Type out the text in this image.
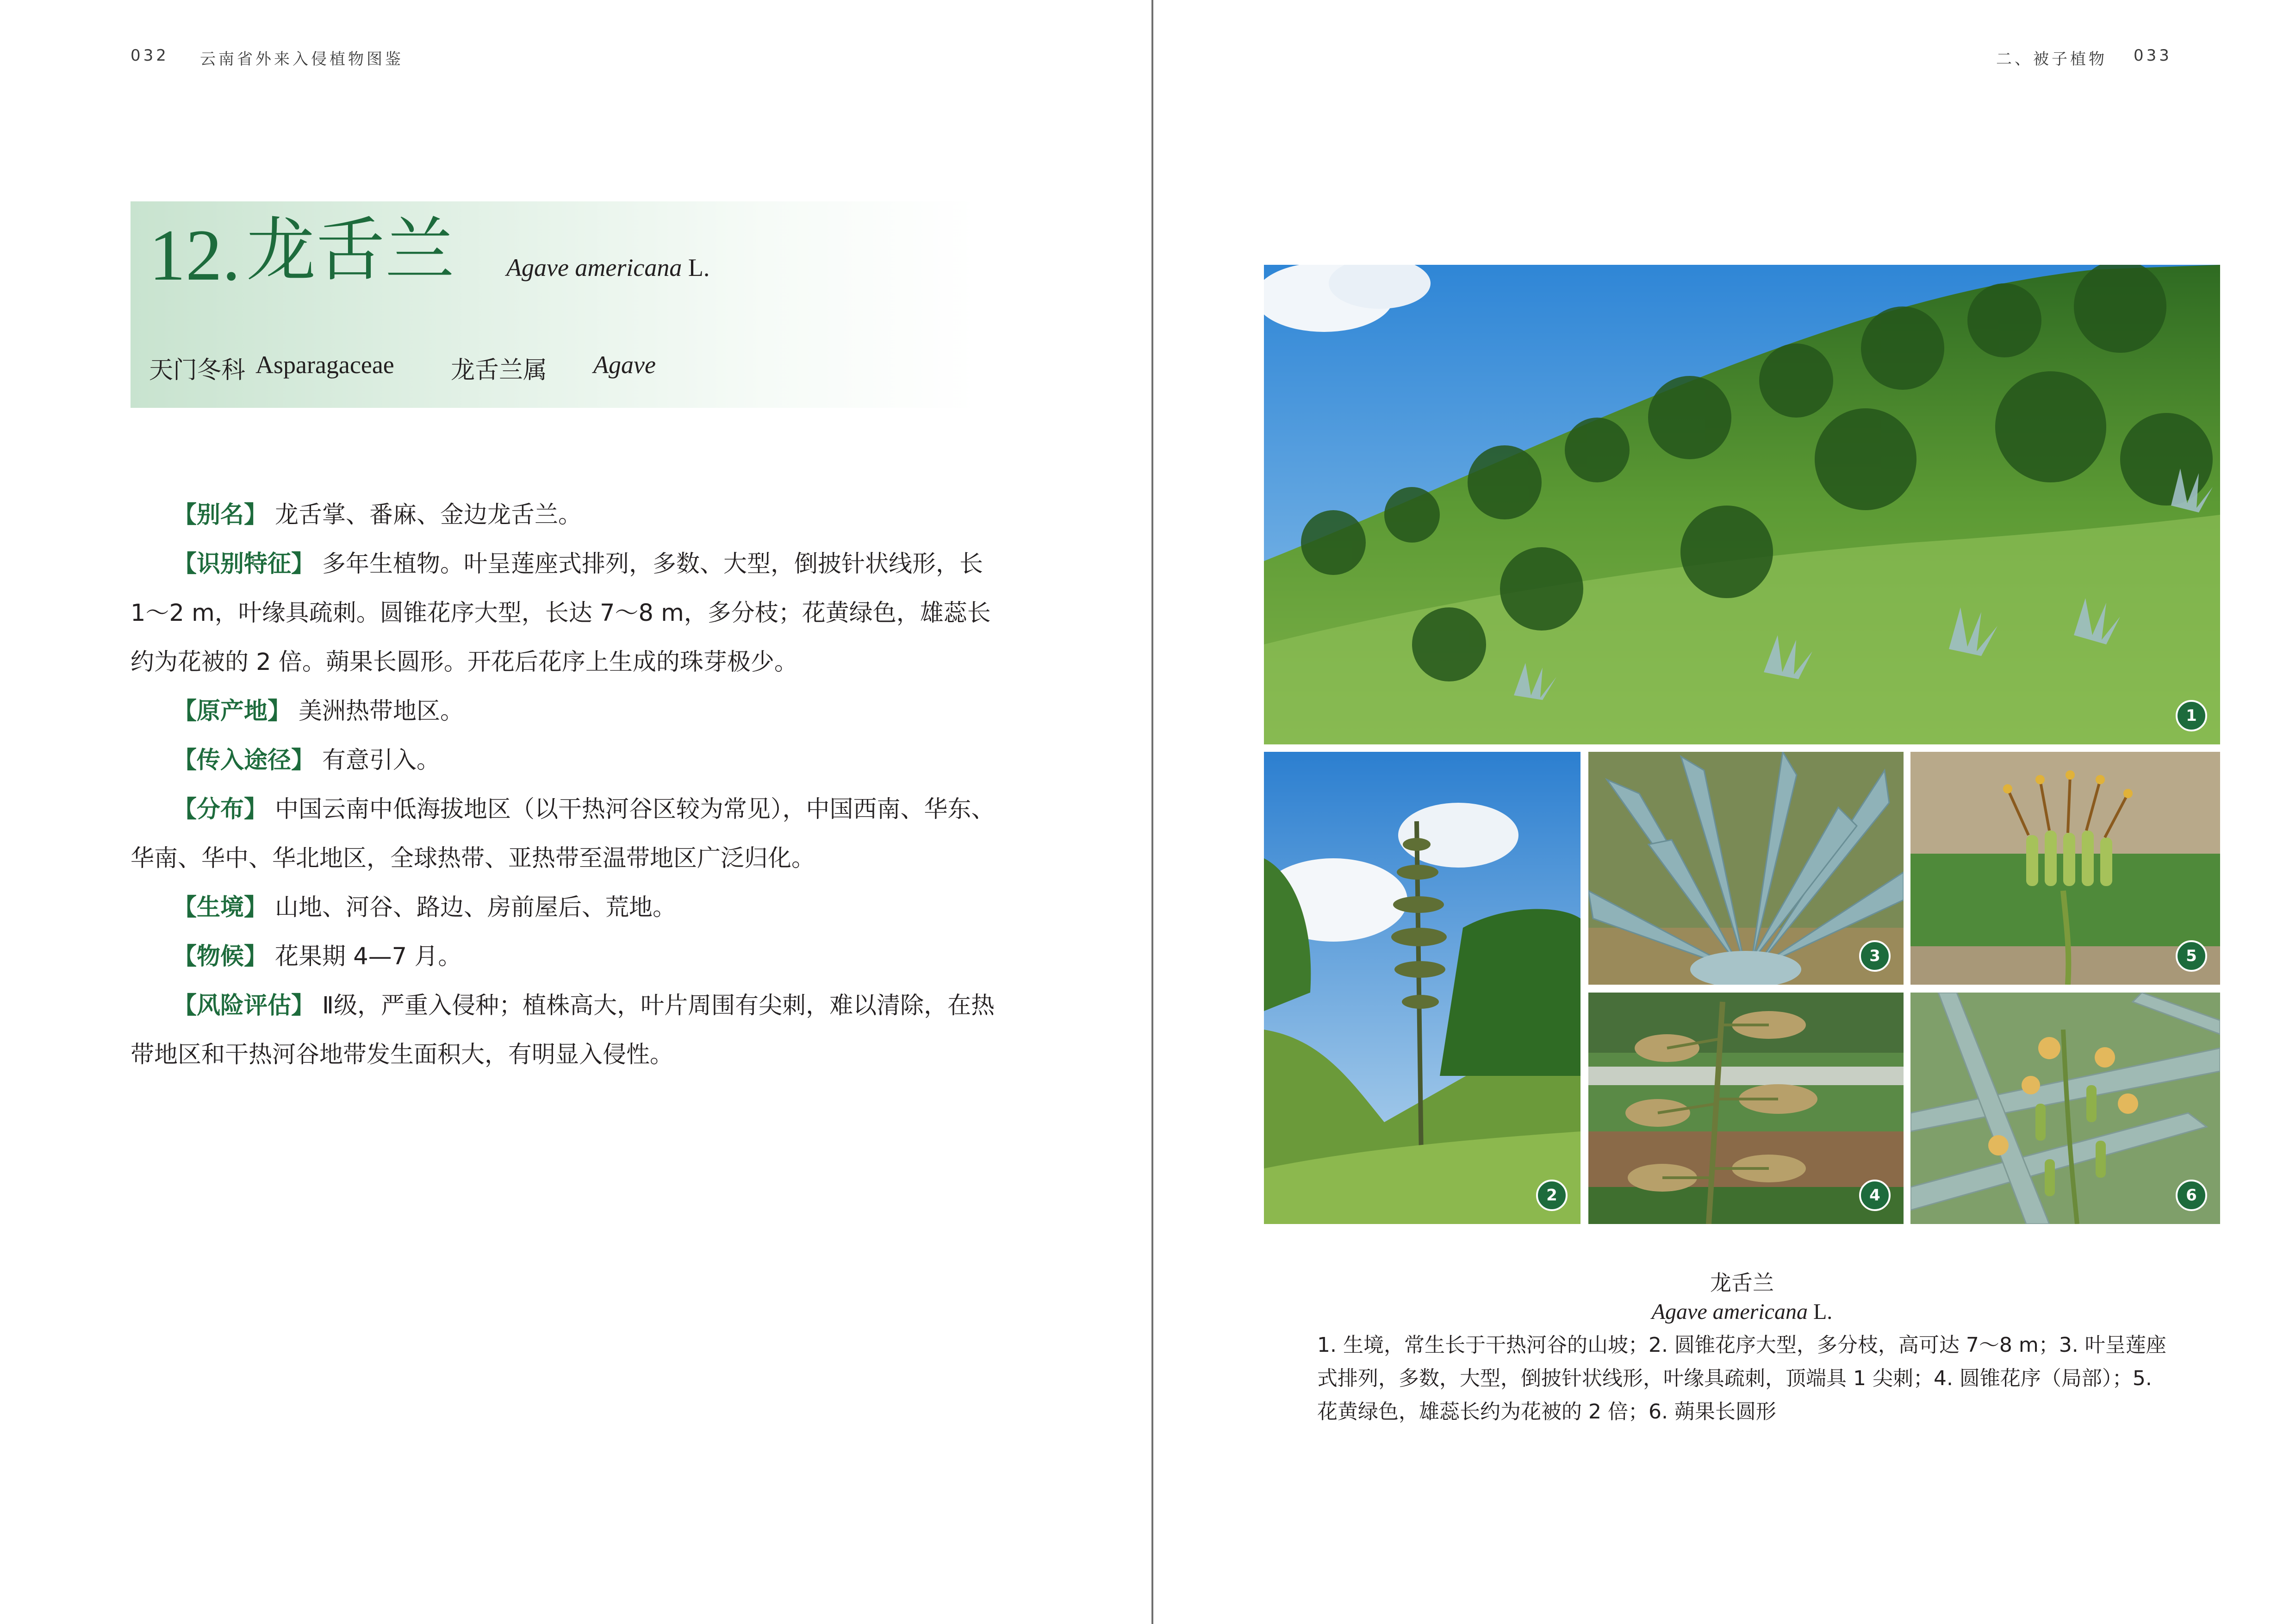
032 云南省外来入侵植物图鉴
12. 龙舌兰 Agave americana L.
天门冬科 Asparagaceae 龙舌兰属 Agave

【别名】 龙舌掌、番麻、金边龙舌兰。

【识别特征】 多年生植物。叶呈莲座式排列，多数、大型，倒披针状线形，长 1～2 m，叶缘具疏刺。圆锥花序大型，长达 7～8 m，多分枝；花黄绿色，雄蕊长约为花被的 2 倍。蒴果长圆形。开花后花序上生成的珠芽极少。

【原产地】 美洲热带地区。

【传入途径】 有意引入。

【分布】 中国云南中低海拔地区（以干热河谷区较为常见），中国西南、华东、华南、华中、华北地区，全球热带、亚热带至温带地区广泛归化。

【生境】 山地、河谷、路边、房前屋后、荒地。

【物候】 花果期 4—7 月。

【风险评估】 Ⅱ级，严重入侵种；植株高大，叶片周围有尖刺，难以清除，在热带地区和干热河谷地带发生面积大，有明显入侵性。

二、被子植物 033
1
2
3	5
4	6
龙舌兰
Agave americana L.
1. 生境，常生长于干热河谷的山坡；2. 圆锥花序大型，多分枝，高可达 7～8 m；3. 叶呈莲座式排列，多数，大型，倒披针状线形，叶缘具疏刺，顶端具 1 尖刺；4. 圆锥花序（局部）；5. 花黄绿色，雄蕊长约为花被的 2 倍；6. 蒴果长圆形
